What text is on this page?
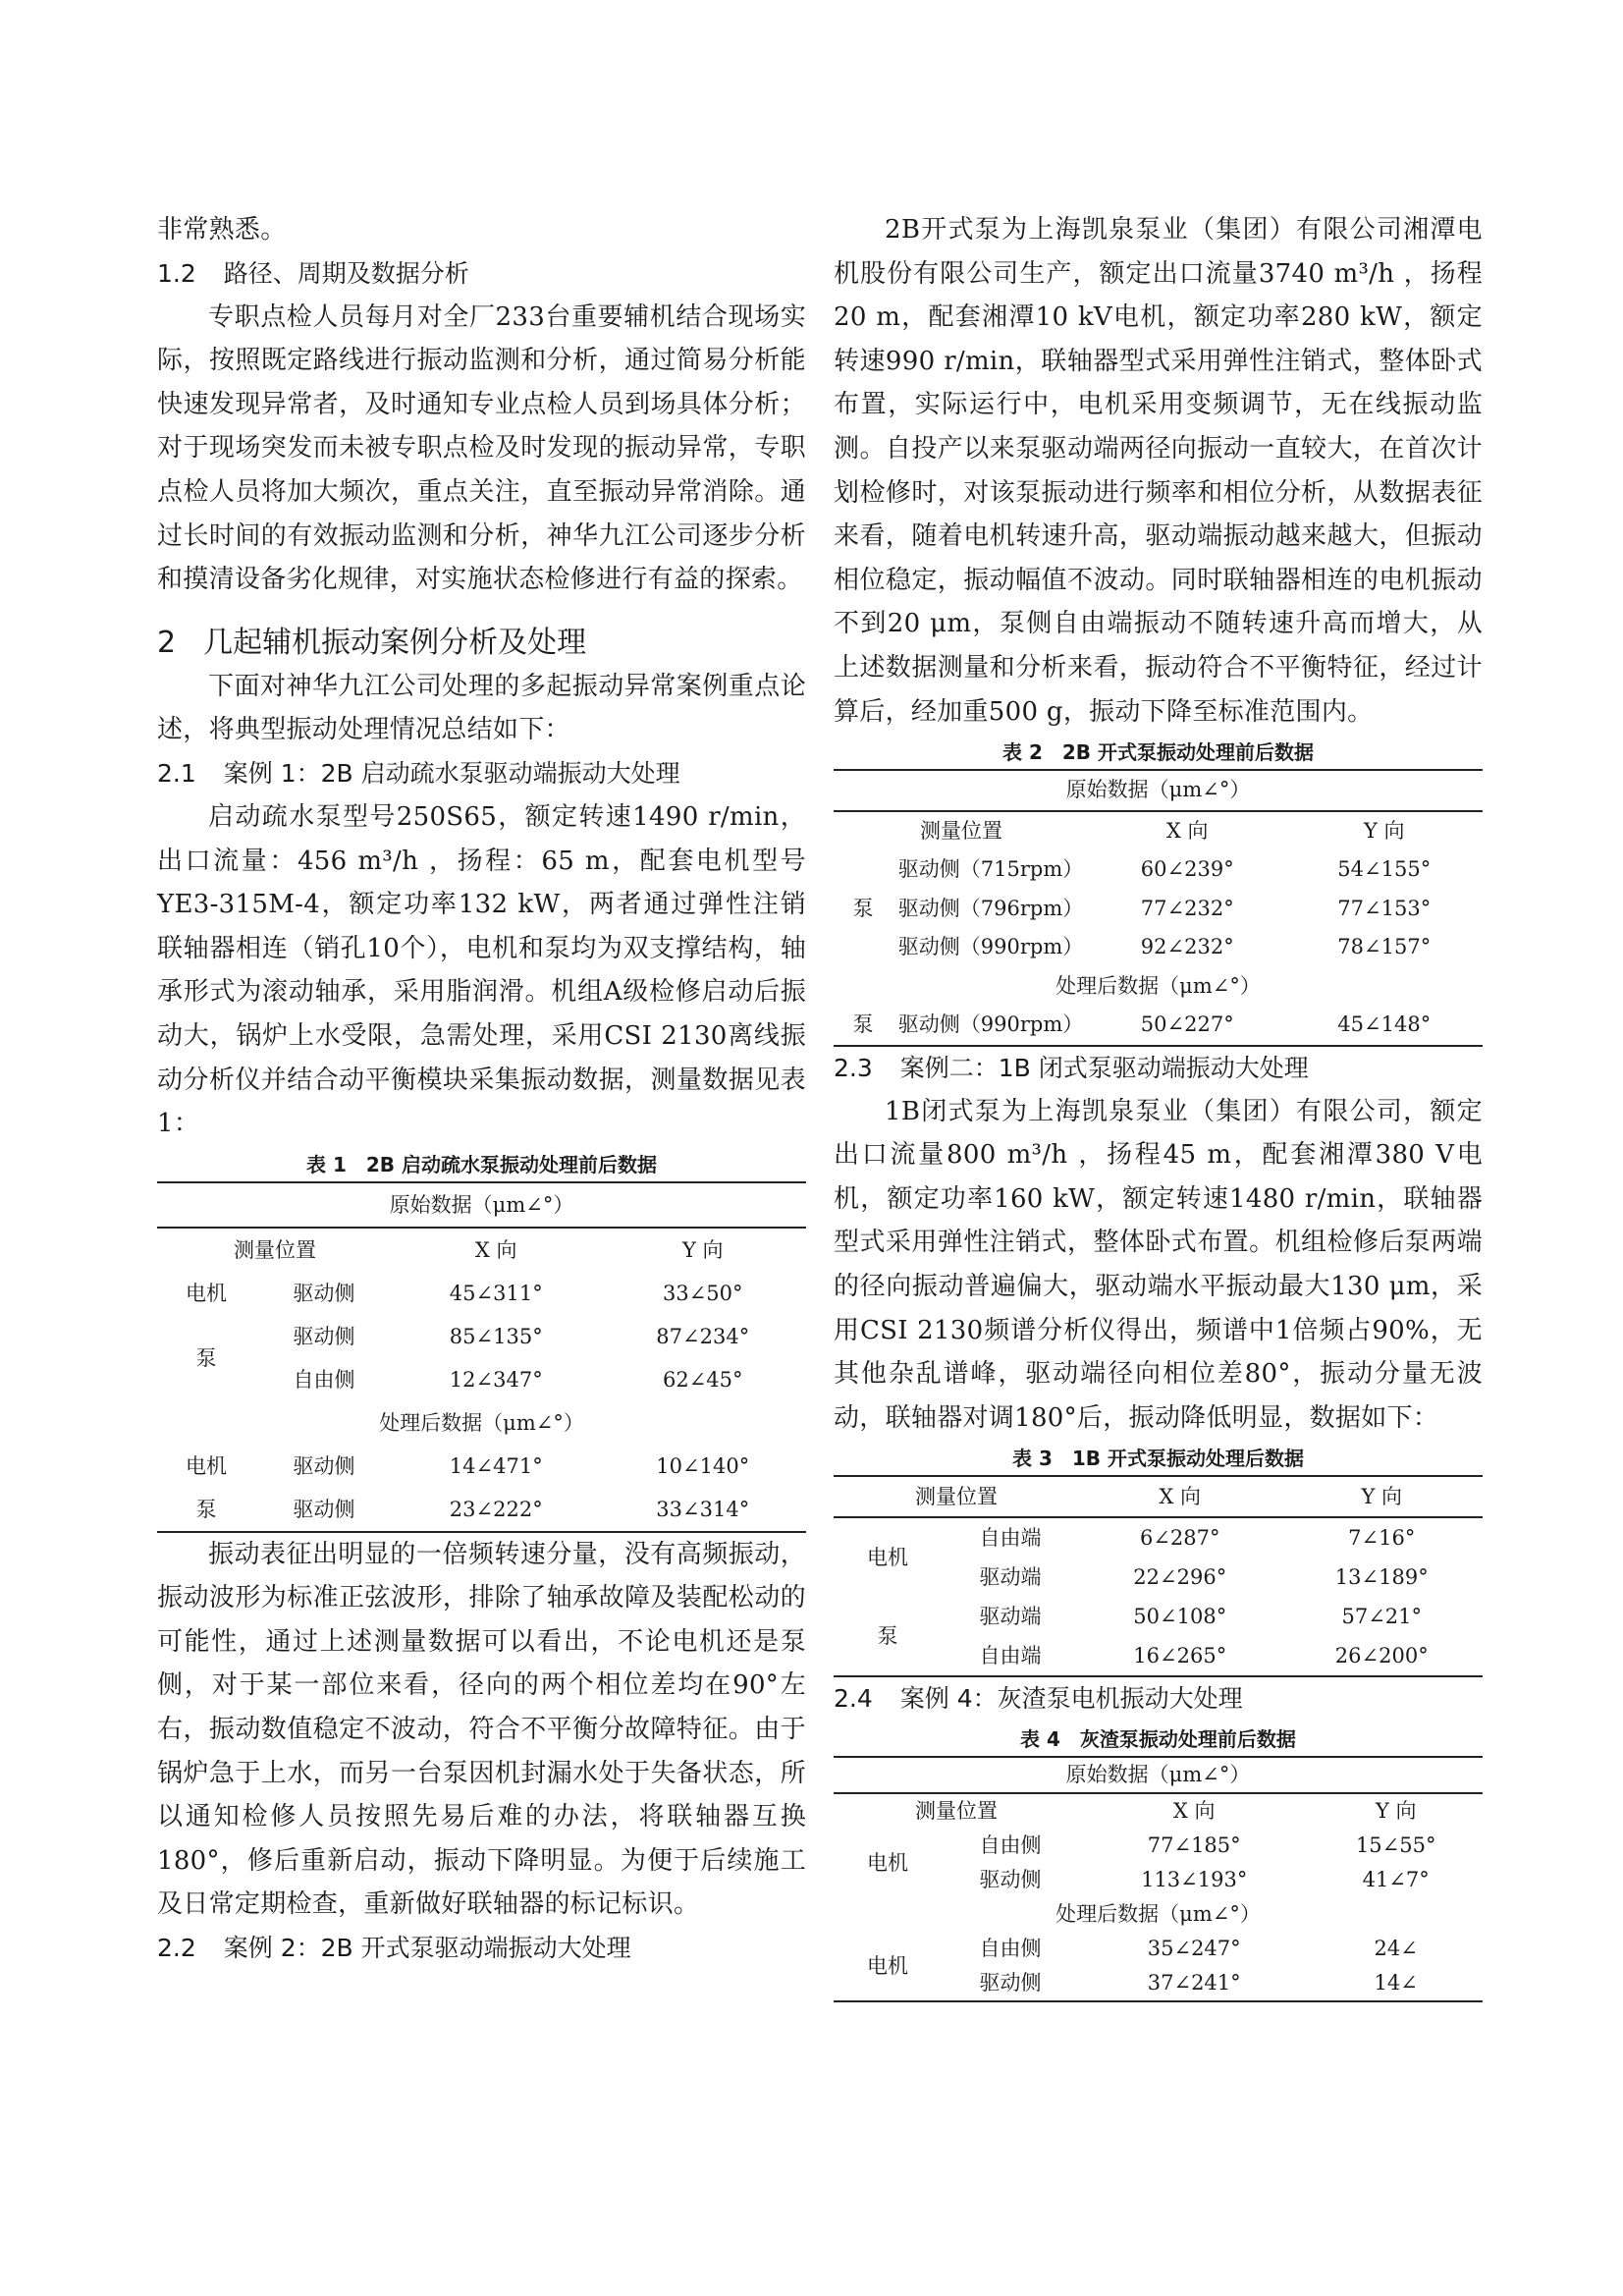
非常熟悉。

1.2 路径、周期及数据分析

专职点检人员每月对全厂233台重要辅机结合现场实际，按照既定路线进行振动监测和分析，通过简易分析能快速发现异常者，及时通知专业点检人员到场具体分析；对于现场突发而未被专职点检及时发现的振动异常，专职点检人员将加大频次，重点关注，直至振动异常消除。通过长时间的有效振动监测和分析，神华九江公司逐步分析和摸清设备劣化规律，对实施状态检修进行有益的探索。

2 几起辅机振动案例分析及处理

下面对神华九江公司处理的多起振动异常案例重点论述，将典型振动处理情况总结如下：

2.1 案例 1：2B 启动疏水泵驱动端振动大处理

启动疏水泵型号250S65，额定转速1490 r/min，出口流量：456 m³/h ，扬程：65 m，配套电机型号YE3-315M-4，额定功率132 kW，两者通过弹性注销联轴器相连（销孔10个），电机和泵均为双支撑结构，轴承形式为滚动轴承，采用脂润滑。机组A级检修启动后振动大，锅炉上水受限，急需处理，采用CSI 2130离线振动分析仪并结合动平衡模块采集振动数据，测量数据见表1：

表 1　2B 启动疏水泵振动处理前后数据

原始数据（μm∠°）			
测量位置		X 向	Y 向
电机	驱动侧	45∠311°	33∠50°
泵	驱动侧	85∠135°	87∠234°
	自由侧	12∠347°	62∠45°
处理后数据（μm∠°）			
电机	驱动侧	14∠471°	10∠140°
泵	驱动侧	23∠222°	33∠314°

振动表征出明显的一倍频转速分量，没有高频振动，振动波形为标准正弦波形，排除了轴承故障及装配松动的可能性，通过上述测量数据可以看出，不论电机还是泵侧，对于某一部位来看，径向的两个相位差均在90°左右，振动数值稳定不波动，符合不平衡分故障特征。由于锅炉急于上水，而另一台泵因机封漏水处于失备状态，所以通知检修人员按照先易后难的办法，将联轴器互换180°，修后重新启动，振动下降明显。为便于后续施工及日常定期检查，重新做好联轴器的标记标识。

2.2 案例 2：2B 开式泵驱动端振动大处理

2B开式泵为上海凯泉泵业（集团）有限公司湘潭电机股份有限公司生产，额定出口流量3740 m³/h ，扬程20 m，配套湘潭10 kV电机，额定功率280 kW，额定转速990 r/min，联轴器型式采用弹性注销式，整体卧式布置，实际运行中，电机采用变频调节，无在线振动监测。自投产以来泵驱动端两径向振动一直较大，在首次计划检修时，对该泵振动进行频率和相位分析，从数据表征来看，随着电机转速升高，驱动端振动越来越大，但振动相位稳定，振动幅值不波动。同时联轴器相连的电机振动不到20 μm，泵侧自由端振动不随转速升高而增大，从上述数据测量和分析来看，振动符合不平衡特征，经过计算后，经加重500 g，振动下降至标准范围内。

表 2　2B 开式泵振动处理前后数据

原始数据（μm∠°）			
测量位置		X 向	Y 向
泵	驱动侧（715rpm）	60∠239°	54∠155°
	驱动侧（796rpm）	77∠232°	77∠153°
	驱动侧（990rpm）	92∠232°	78∠157°
处理后数据（μm∠°）			
泵	驱动侧（990rpm）	50∠227°	45∠148°

2.3 案例二：1B 闭式泵驱动端振动大处理

1B闭式泵为上海凯泉泵业（集团）有限公司，额定出口流量800 m³/h ，扬程45 m，配套湘潭380 V电机，额定功率160 kW，额定转速1480 r/min，联轴器型式采用弹性注销式，整体卧式布置。机组检修后泵两端的径向振动普遍偏大，驱动端水平振动最大130 μm，采用CSI 2130频谱分析仪得出，频谱中1倍频占90%，无其他杂乱谱峰，驱动端径向相位差80°，振动分量无波动，联轴器对调180°后，振动降低明显，数据如下：

表 3　1B 开式泵振动处理后数据

测量位置		X 向	Y 向
电机	自由端	6∠287°	7∠16°
	驱动端	22∠296°	13∠189°
泵	驱动端	50∠108°	57∠21°
	自由端	16∠265°	26∠200°

2.4 案例 4：灰渣泵电机振动大处理

表 4　灰渣泵振动处理前后数据

原始数据（μm∠°）			
测量位置		X 向	Y 向
电机	自由侧	77∠185°	15∠55°
	驱动侧	113∠193°	41∠7°
处理后数据（μm∠°）			
电机	自由侧	35∠247°	24∠
	驱动侧	37∠241°	14∠
